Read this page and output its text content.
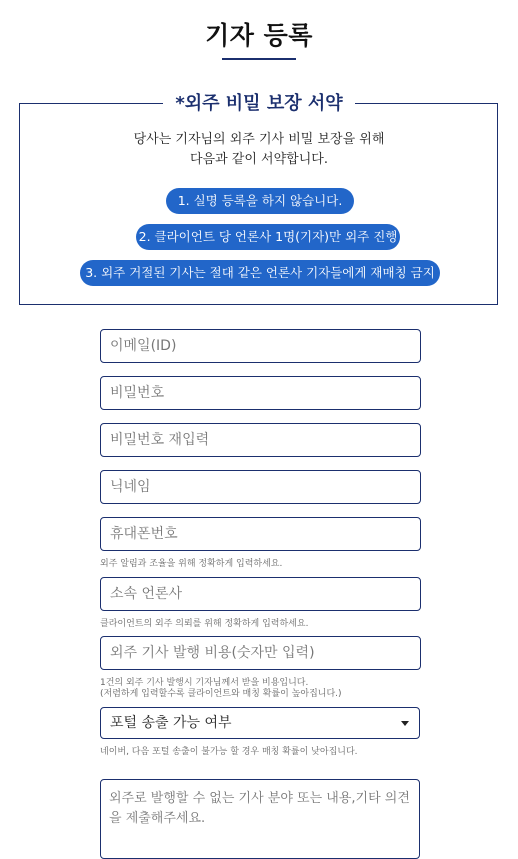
기자 등록
*외주 비밀 보장 서약
당사는 기자님의 외주 기사 비밀 보장을 위해
다음과 같이 서약합니다.
1. 실명 등록을 하지 않습니다.
2. 클라이언트 당 언론사 1명(기자)만 외주 진행
3. 외주 거절된 기사는 절대 같은 언론사 기자들에게 재매칭 금지
이메일(ID)
닉네임
휴대폰번호
외주 알림과 조율을 위해 정확하게 입력하세요.
소속 언론사
클라이언트의 외주 의뢰를 위해 정확하게 입력하세요.
외주 기사 발행 비용(숫자만 입력)
1건의 외주 기사 발행시 기자님께서 받을 비용입니다.
(저렴하게 입력할수록 클라이언트와 매칭 확률이 높아집니다.)
포털 송출 가능 여부
네이버, 다음 포털 송출이 불가능 할 경우 매칭 확률이 낮아집니다.
외주로 발행할 수 없는 기사 분야 또는 내용,기타 의견을 제출해주세요.
